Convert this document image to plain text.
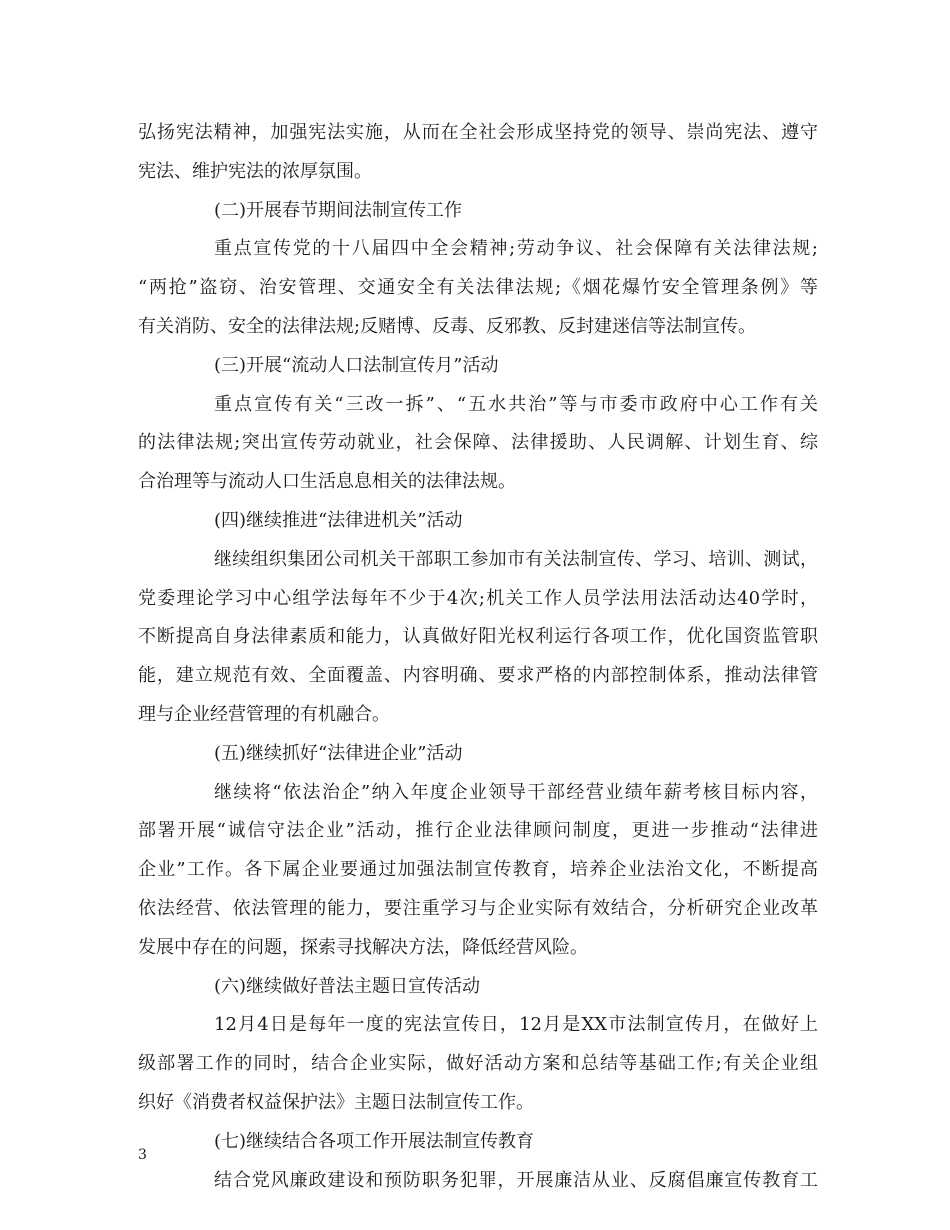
弘扬宪法精神，加强宪法实施，从而在全社会形成坚持党的领导、崇尚宪法、遵守
宪法、维护宪法的浓厚氛围。
(二)开展春节期间法制宣传工作
重点宣传党的十八届四中全会精神;劳动争议、社会保障有关法律法规;
“两抢”盗窃、治安管理、交通安全有关法律法规;《烟花爆竹安全管理条例》等
有关消防、安全的法律法规;反赌博、反毒、反邪教、反封建迷信等法制宣传。
(三)开展“流动人口法制宣传月”活动
重点宣传有关“三改一拆”、“五水共治”等与市委市政府中心工作有关
的法律法规;突出宣传劳动就业，社会保障、法律援助、人民调解、计划生育、综
合治理等与流动人口生活息息相关的法律法规。
(四)继续推进“法律进机关”活动
继续组织集团公司机关干部职工参加市有关法制宣传、学习、培训、测试，
党委理论学习中心组学法每年不少于4次;机关工作人员学法用法活动达40学时，
不断提高自身法律素质和能力，认真做好阳光权利运行各项工作，优化国资监管职
能，建立规范有效、全面覆盖、内容明确、要求严格的内部控制体系，推动法律管
理与企业经营管理的有机融合。
(五)继续抓好“法律进企业”活动
继续将“依法治企”纳入年度企业领导干部经营业绩年薪考核目标内容，
部署开展“诚信守法企业”活动，推行企业法律顾问制度，更进一步推动“法律进
企业”工作。各下属企业要通过加强法制宣传教育，培养企业法治文化，不断提高
依法经营、依法管理的能力，要注重学习与企业实际有效结合，分析研究企业改革
发展中存在的问题，探索寻找解决方法，降低经营风险。
(六)继续做好普法主题日宣传活动
12月4日是每年一度的宪法宣传日，12月是XX市法制宣传月，在做好上
级部署工作的同时，结合企业实际，做好活动方案和总结等基础工作;有关企业组
织好《消费者权益保护法》主题日法制宣传工作。
(七)继续结合各项工作开展法制宣传教育
结合党风廉政建设和预防职务犯罪，开展廉洁从业、反腐倡廉宣传教育工
3
